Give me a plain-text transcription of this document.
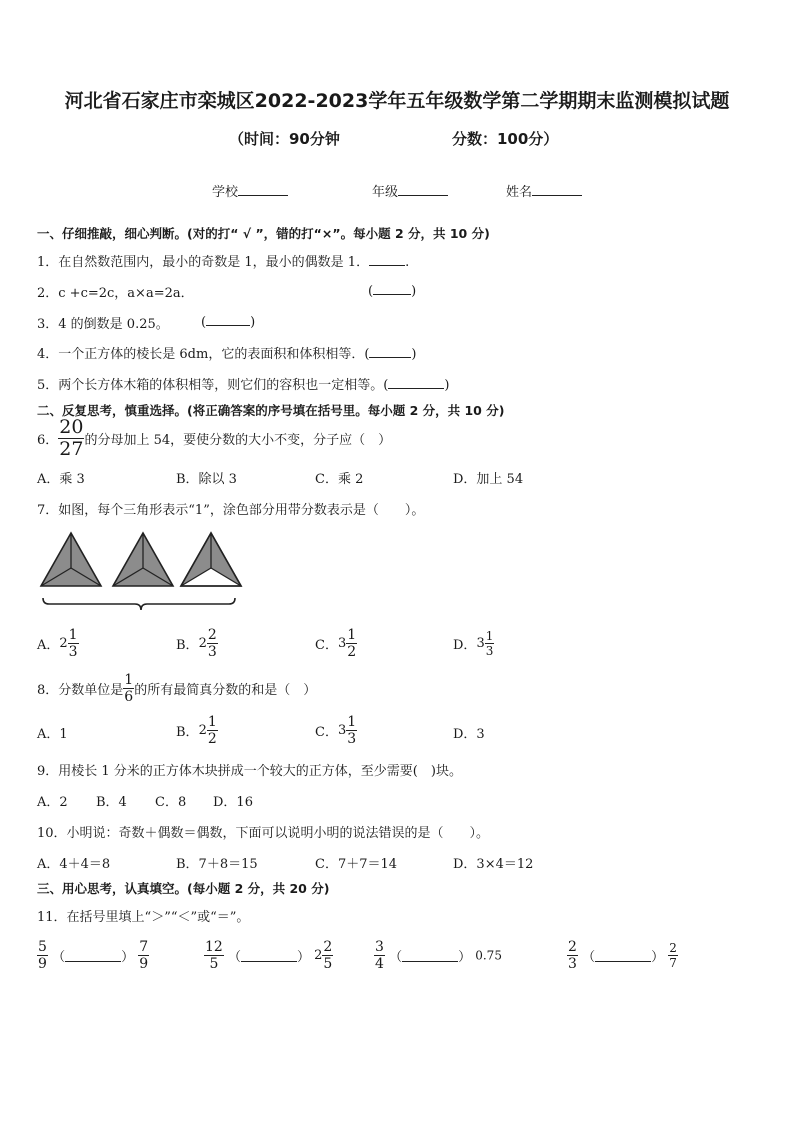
河北省石家庄市栾城区2022-2023学年五年级数学第二学期期末监测模拟试题
（时间：90分钟	分数：100分）
学校	年级	姓名
一、仔细推敲，细心判断。(对的打“ √ ”，错的打“×”。每小题 2 分，共 10 分)
1．在自然数范围内，最小的奇数是 1，最小的偶数是 1．	.
2．c +c=2c，a×a=2a．	(	)
3．4 的倒数是 0.25。 (	)
4．一个正方体的棱长是 6dm，它的表面积和体积相等．(	)
5．两个长方体木箱的体积相等，则它们的容积也一定相等。(	)
二、反复思考，慎重选择。(将正确答案的序号填在括号里。每小题 2 分，共 10 分)
6． $\frac{20}{27}$ 的分母加上 54，要使分数的大小不变，分子应（　）
A．乘 3	B．除以 3	C．乘 2	D．加上 54
7．如图，每个三角形表示“1”，涂色部分用带分数表示是（　　）。
A．$2 \frac{1}{3}$	B．$2 \frac{2}{3}$	C．$3 \frac{1}{2}$	D．$3 \frac{1}{3}$
8．分数单位是 $\frac{1}{6}$ 的所有最简真分数的和是（　）
A．1	B．$2 \frac{1}{2}$	C．$3 \frac{1}{3}$	D．3
9．用棱长 1 分米的正方体木块拼成一个较大的正方体，至少需要(　)块。
A．2 B．4 C．8 D．16
10．小明说：奇数＋偶数＝偶数，下面可以说明小明的说法错误的是（　　）。
A．4＋4＝8	B．7＋8＝15	C．7＋7＝14	D．3×4＝12
三、用心思考，认真填空。(每小题 2 分，共 20 分)
11．在括号里填上“＞”“＜”或“＝”。
$\frac{5}{9}$ （	） $\frac{7}{9}$	$\frac{12}{5}$ （	） $2 \frac{2}{5}$	$\frac{3}{4}$ （	） 0.75	$\frac{2}{3}$ （	） $\frac{2}{7}$
